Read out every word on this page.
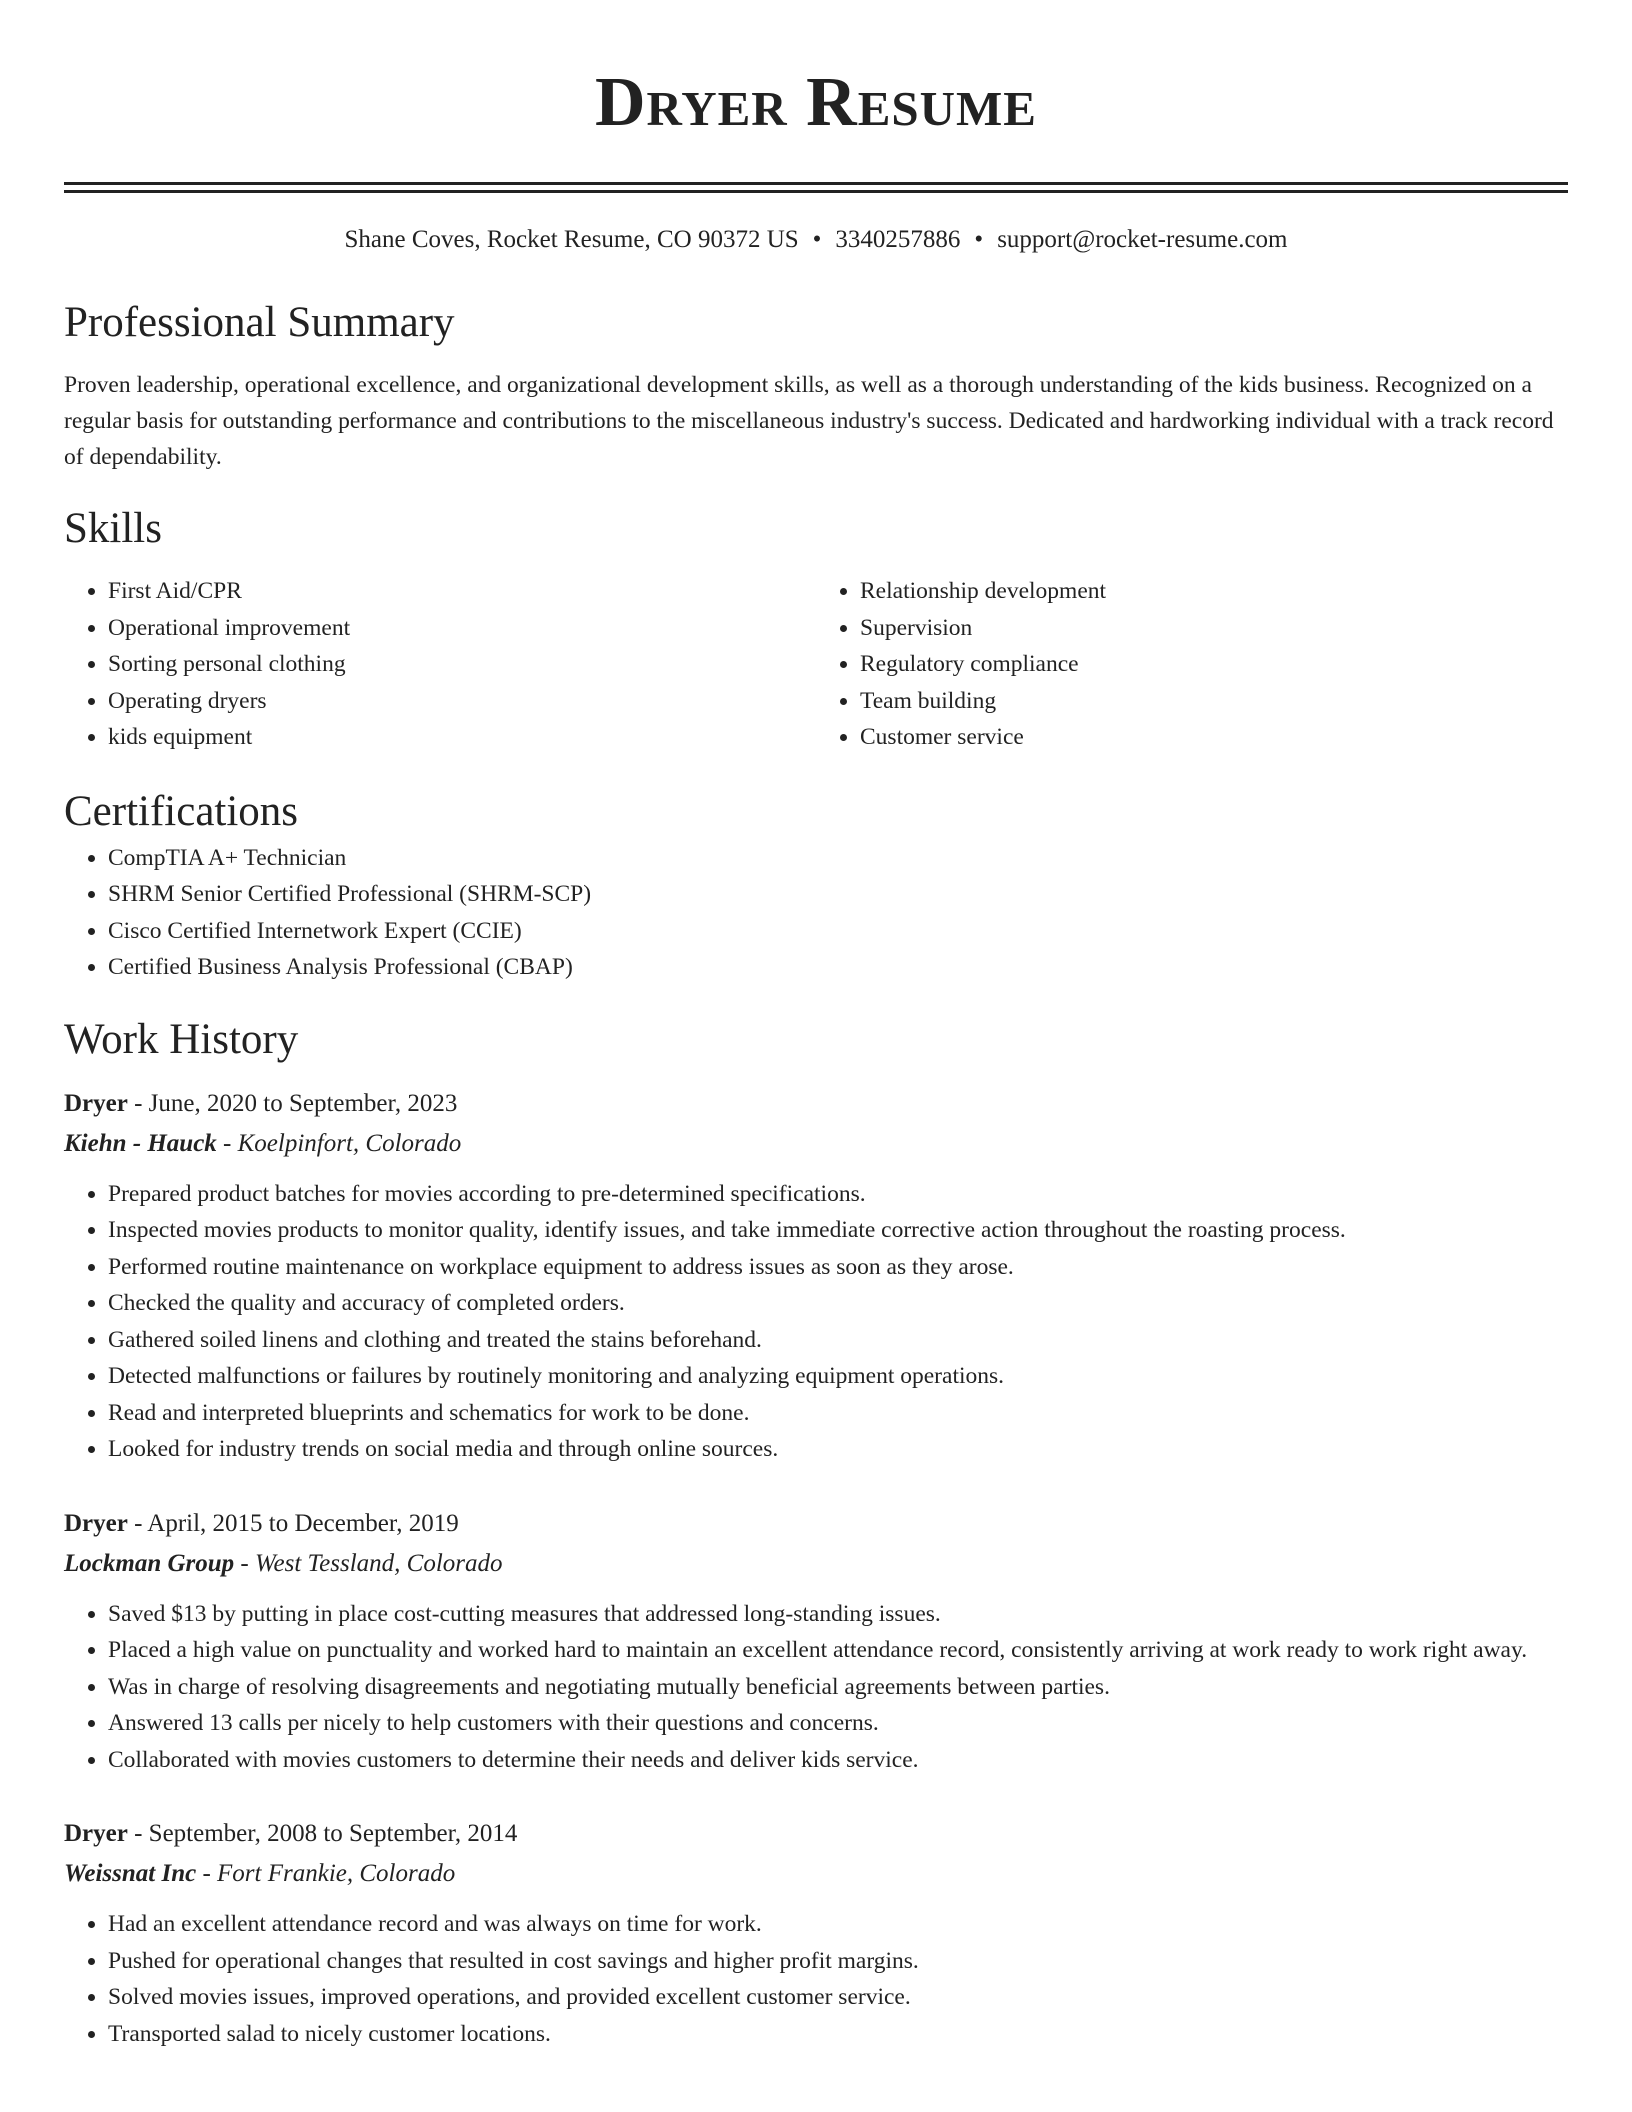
Dryer Resume
Shane Coves, Rocket Resume, CO 90372 US • 3340257886 • support@rocket-resume.com
Professional Summary

Proven leadership, operational excellence, and organizational development skills, as well as a thorough understanding of the kids business. Recognized on a regular basis for outstanding performance and contributions to the miscellaneous industry's success. Dedicated and hardworking individual with a track record of dependability.

Skills
• First Aid/CPR
• Operational improvement
• Sorting personal clothing
• Operating dryers
• kids equipment
• Relationship development
• Supervision
• Regulatory compliance
• Team building
• Customer service
Certifications
• CompTIA A+ Technician
• SHRM Senior Certified Professional (SHRM-SCP)
• Cisco Certified Internetwork Expert (CCIE)
• Certified Business Analysis Professional (CBAP)
Work History
Dryer - June, 2020 to September, 2023
Kiehn - Hauck - Koelpinfort, Colorado
• Prepared product batches for movies according to pre-determined specifications.
• Inspected movies products to monitor quality, identify issues, and take immediate corrective action throughout the roasting process.
• Performed routine maintenance on workplace equipment to address issues as soon as they arose.
• Checked the quality and accuracy of completed orders.
• Gathered soiled linens and clothing and treated the stains beforehand.
• Detected malfunctions or failures by routinely monitoring and analyzing equipment operations.
• Read and interpreted blueprints and schematics for work to be done.
• Looked for industry trends on social media and through online sources.
Dryer - April, 2015 to December, 2019
Lockman Group - West Tessland, Colorado
• Saved $13 by putting in place cost-cutting measures that addressed long-standing issues.
• Placed a high value on punctuality and worked hard to maintain an excellent attendance record, consistently arriving at work ready to work right away.
• Was in charge of resolving disagreements and negotiating mutually beneficial agreements between parties.
• Answered 13 calls per nicely to help customers with their questions and concerns.
• Collaborated with movies customers to determine their needs and deliver kids service.
Dryer - September, 2008 to September, 2014
Weissnat Inc - Fort Frankie, Colorado
• Had an excellent attendance record and was always on time for work.
• Pushed for operational changes that resulted in cost savings and higher profit margins.
• Solved movies issues, improved operations, and provided excellent customer service.
• Transported salad to nicely customer locations.
